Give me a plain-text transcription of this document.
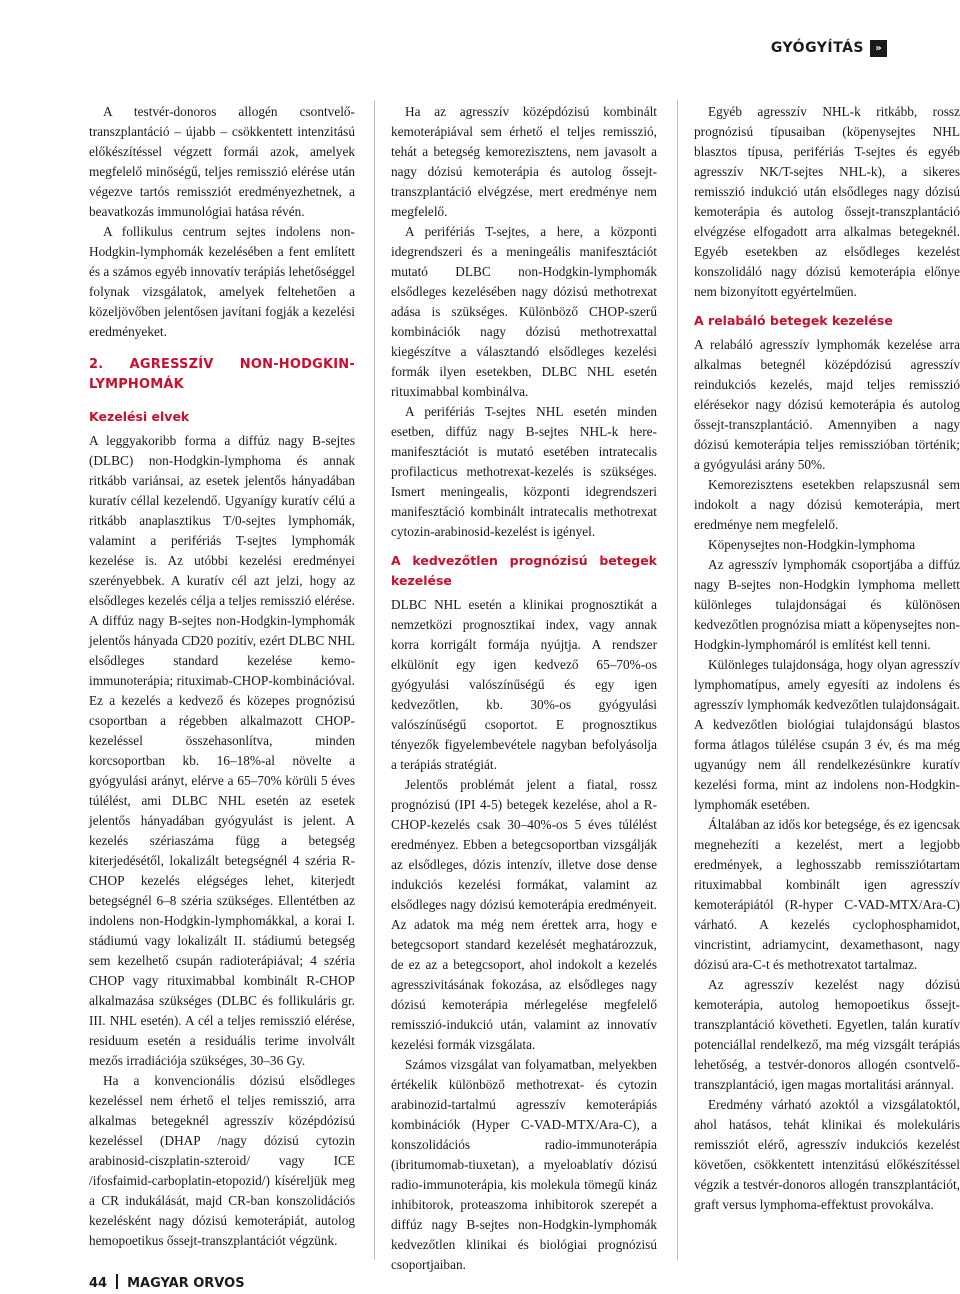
GYÓGYÍTÁS	»

A testvér-donoros allogén csontvelő-transzplantáció – újabb – csökkentett intenzitású előkészítéssel végzett formái azok, amelyek megfelelő minőségű, teljes remisszió elérése után végezve tartós remissziót eredményezhetnek, a beavatkozás immunológiai hatása révén.

A follikulus centrum sejtes indolens non-Hodgkin-lymphomák kezelésében a fent említett és a számos egyéb innovatív terápiás lehetőséggel folynak vizsgálatok, amelyek feltehetően a közeljövőben jelentősen javítani fogják a kezelési eredményeket.

2. AGRESSZÍV NON-HODGKIN-LYMPHOMÁK
Kezelési elvek

A leggyakoribb forma a diffúz nagy B-sejtes (DLBC) non-Hodgkin-lymphoma és annak ritkább variánsai, az esetek jelentős hányadában kuratív céllal kezelendő. Ugyanígy kuratív célú a ritkább anaplasztikus T/0-sejtes lymphomák, valamint a perifériás T-sejtes lymphomák kezelése is. Az utóbbi kezelési eredményei szerényebbek. A kuratív cél azt jelzi, hogy az elsődleges kezelés célja a teljes remisszió elérése. A diffúz nagy B-sejtes non-Hodgkin-lymphomák jelentős hányada CD20 pozitív, ezért DLBC NHL elsődleges standard kezelése kemo-immunoterápia; rituximab-CHOP-kombinációval. Ez a kezelés a kedvező és közepes prognózisú csoportban a régebben alkalmazott CHOP-kezeléssel összehasonlítva, minden korcsoportban kb. 16–18%-al növelte a gyógyulási arányt, elérve a 65–70% körüli 5 éves túlélést, ami DLBC NHL esetén az esetek jelentős hányadában gyógyulást is jelent. A kezelés szériaszáma függ a betegség kiterjedésétől, lokalizált betegségnél 4 széria R-CHOP kezelés elégséges lehet, kiterjedt betegségnél 6–8 széria szükséges. Ellentétben az indolens non-Hodgkin-lymphomákkal, a korai I. stádiumú vagy lokalizált II. stádiumú betegség sem kezelhető csupán radioterápiával; 4 széria CHOP vagy rituximabbal kombinált R-CHOP alkalmazása szükséges (DLBC és follikuláris gr. III. NHL esetén). A cél a teljes remisszió elérése, residuum esetén a residuális terime involvált mezős irradiációja szükséges, 30–36 Gy.

Ha a konvencionális dózisú elsődleges kezeléssel nem érhető el teljes remisszió, arra alkalmas betegeknél agresszív középdózisú kezeléssel (DHAP /nagy dózisú cytozin arabinosid-ciszplatin-szteroid/ vagy ICE /ifosfaimid-carboplatin-etopozid/) kíséreljük meg a CR indukálását, majd CR-ban konszolidációs kezelésként nagy dózisú kemoterápiát, autolog hemopoetikus őssejt-transzplantációt végzünk.

Ha az agresszív középdózisú kombinált kemoterápiával sem érhető el teljes remisszió, tehát a betegség kemorezisztens, nem javasolt a nagy dózisú kemoterápia és autolog őssejt-transzplantáció elvégzése, mert eredménye nem megfelelő.

A perifériás T-sejtes, a here, a központi idegrendszeri és a meningeális manifesztációt mutató DLBC non-Hodgkin-lymphomák elsődleges kezelésében nagy dózisú methotrexat adása is szükséges. Különböző CHOP-szerű kombinációk nagy dózisú methotrexattal kiegészítve a választandó elsődleges kezelési formák ilyen esetekben, DLBC NHL esetén rituximabbal kombinálva.

A perifériás T-sejtes NHL esetén minden esetben, diffúz nagy B-sejtes NHL-k here-manifesztációt is mutató esetében intratecalis profilacticus methotrexat-kezelés is szükséges. Ismert meningealis, központi idegrendszeri manifesztáció kombinált intratecalis methotrexat cytozin-arabinosid-kezelést is igényel.

A kedvezőtlen prognózisú betegek kezelése

DLBC NHL esetén a klinikai prognosztikát a nemzetközi prognosztikai index, vagy annak korra korrigált formája nyújtja. A rendszer elkülönít egy igen kedvező 65–70%-os gyógyulási valószínűségű és egy igen kedvezőtlen, kb. 30%-os gyógyulási valószínűségű csoportot. E prognosztikus tényezők figyelembevétele nagyban befolyásolja a terápiás stratégiát.

Jelentős problémát jelent a fiatal, rossz prognózisú (IPI 4-5) betegek kezelése, ahol a R-CHOP-kezelés csak 30–40%-os 5 éves túlélést eredményez. Ebben a betegcsoportban vizsgálják az elsődleges, dózis intenzív, illetve dose dense indukciós kezelési formákat, valamint az elsődleges nagy dózisú kemoterápia eredményeit. Az adatok ma még nem érettek arra, hogy e betegcsoport standard kezelését meghatározzuk, de ez az a betegcsoport, ahol indokolt a kezelés agresszivitásának fokozása, az elsődleges nagy dózisú kemoterápia mérlegelése megfelelő remisszió-indukció után, valamint az innovatív kezelési formák vizsgálata.

Számos vizsgálat van folyamatban, melyekben értékelik különböző methotrexat- és cytozin arabinozid-tartalmú agresszív kemoterápiás kombinációk (Hyper C-VAD-MTX/Ara-C), a konszolidációs radio-immunoterápia (ibritumomab-tiuxetan), a myeloablatív dózisú radio-immunoterápia, kis molekula tömegű kináz inhibitorok, proteaszoma inhibitorok szerepét a diffúz nagy B-sejtes non-Hodgkin-lymphomák kedvezőtlen klinikai és biológiai prognózisú csoportjaiban.

Egyéb agresszív NHL-k ritkább, rossz prognózisú típusaiban (köpenysejtes NHL blasztos típusa, perifériás T-sejtes és egyéb agresszív NK/T-sejtes NHL-k), a sikeres remisszió indukció után elsődleges nagy dózisú kemoterápia és autolog őssejt-transzplantáció elvégzése elfogadott arra alkalmas betegeknél. Egyéb esetekben az elsődleges kezelést konszolidáló nagy dózisú kemoterápia előnye nem bizonyított egyértelműen.

A relabáló betegek kezelése

A relabáló agresszív lymphomák kezelése arra alkalmas betegnél középdózisú agresszív reindukciós kezelés, majd teljes remisszió elérésekor nagy dózisú kemoterápia és autolog őssejt-transzplantáció. Amennyiben a nagy dózisú kemoterápia teljes remisszióban történik; a gyógyulási arány 50%.

Kemorezisztens esetekben relapszusnál sem indokolt a nagy dózisú kemoterápia, mert eredménye nem megfelelő.

Köpenysejtes non-Hodgkin-lymphoma

Az agresszív lymphomák csoportjába a diffúz nagy B-sejtes non-Hodgkin lymphoma mellett különleges tulajdonságai és különösen kedvezőtlen prognózisa miatt a köpenysejtes non-Hodgkin-lymphomáról is említést kell tenni.

Különleges tulajdonsága, hogy olyan agresszív lymphomatípus, amely egyesíti az indolens és agresszív lymphomák kedvezőtlen tulajdonságait. A kedvezőtlen biológiai tulajdonságú blastos forma átlagos túlélése csupán 3 év, és ma még ugyanúgy nem áll rendelkezésünkre kuratív kezelési forma, mint az indolens non-Hodgkin-lymphomák esetében.

Általában az idős kor betegsége, és ez igencsak megnehezíti a kezelést, mert a legjobb eredmények, a leghosszabb remissziótartam rituximabbal kombinált igen agresszív kemoterápiától (R-hyper C-VAD-MTX/Ara-C) várható. A kezelés cyclophosphamidot, vincristint, adriamycint, dexamethasont, nagy dózisú ara-C-t és methotrexatot tartalmaz.

Az agresszív kezelést nagy dózisú kemoterápia, autolog hemopoetikus őssejt-transzplantáció követheti. Egyetlen, talán kuratív potenciállal rendelkező, ma még vizsgált terápiás lehetőség, a testvér-donoros allogén csontvelő-transzplantáció, igen magas mortalitási aránnyal.

Eredmény várható azoktól a vizsgálatoktól, ahol hatásos, tehát klinikai és molekuláris remissziót elérő, agresszív indukciós kezelést követően, csökkentett intenzitású előkészítéssel végzik a testvér-donoros allogén transzplantációt, graft versus lymphoma-effektust provokálva.

44 MAGYAR ORVOS
